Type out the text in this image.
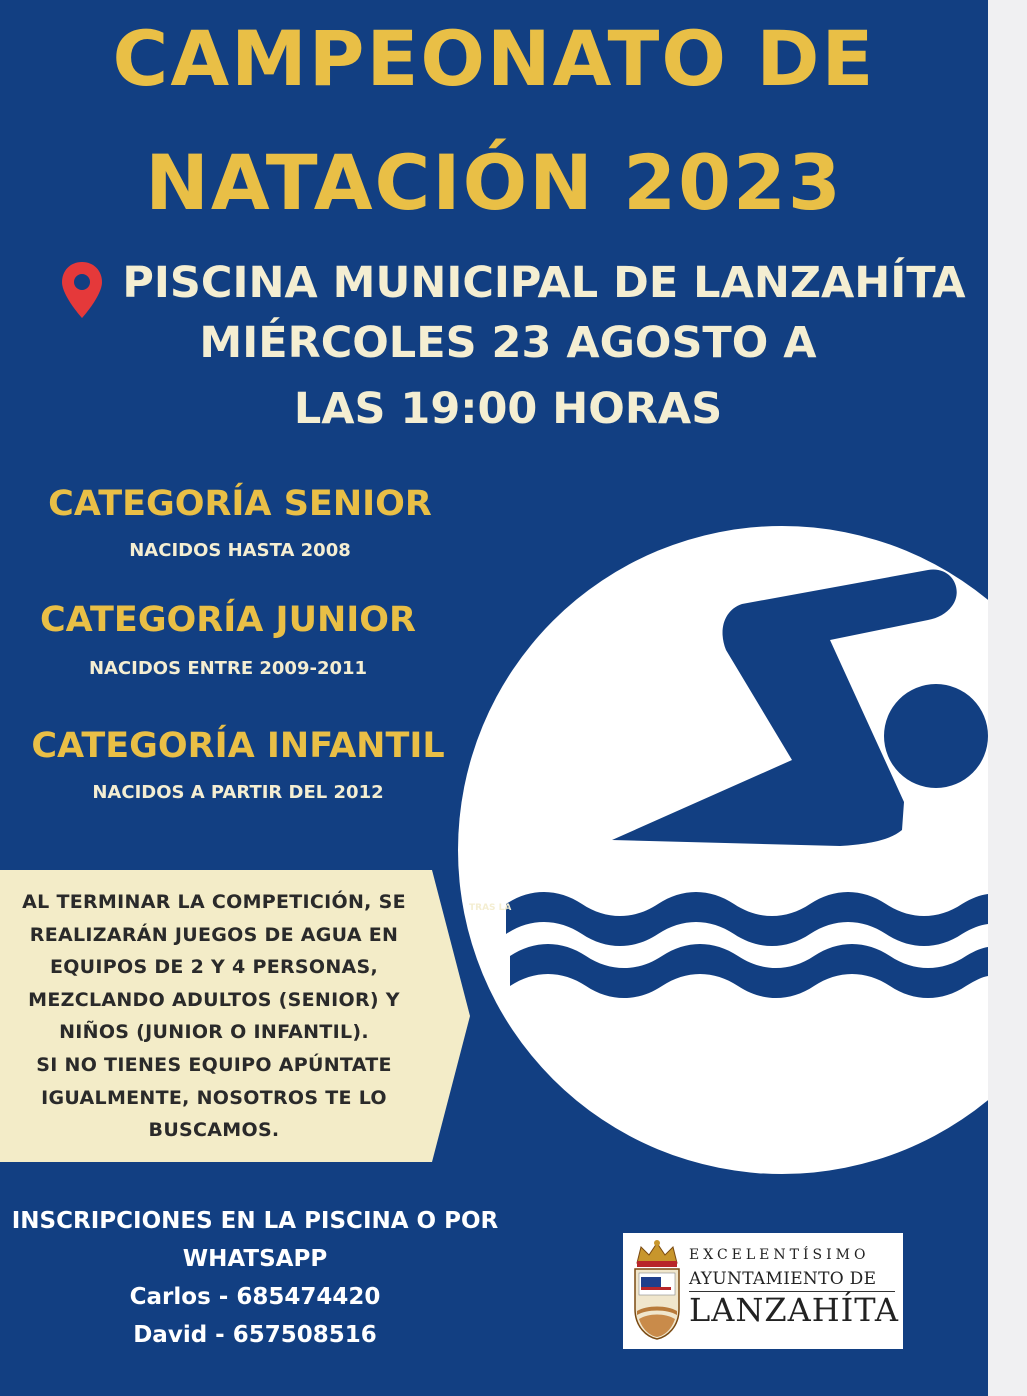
CAMPEONATO DE
NATACIÓN 2023
PISCINA MUNICIPAL DE LANZAHÍTA
MIÉRCOLES 23 AGOSTO A
LAS 19:00 HORAS
CATEGORÍA SENIOR
NACIDOS HASTA 2008
CATEGORÍA JUNIOR
NACIDOS ENTRE 2009-2011
CATEGORÍA INFANTIL
NACIDOS A PARTIR DEL 2012
AL TERMINAR LA COMPETICIÓN, SE
REALIZARÁN JUEGOS DE AGUA EN
EQUIPOS DE 2 Y 4 PERSONAS,
MEZCLANDO ADULTOS (SENIOR) Y
NIÑOS (JUNIOR O INFANTIL).
SI NO TIENES EQUIPO APÚNTATE
IGUALMENTE, NOSOTROS TE LO
BUSCAMOS.
TRAS LA
INSCRIPCIONES EN LA PISCINA O POR
WHATSAPP
Carlos - 685474420
David - 657508516
EXCELENTÍSIMO
AYUNTAMIENTO DE
LANZAHÍTA
